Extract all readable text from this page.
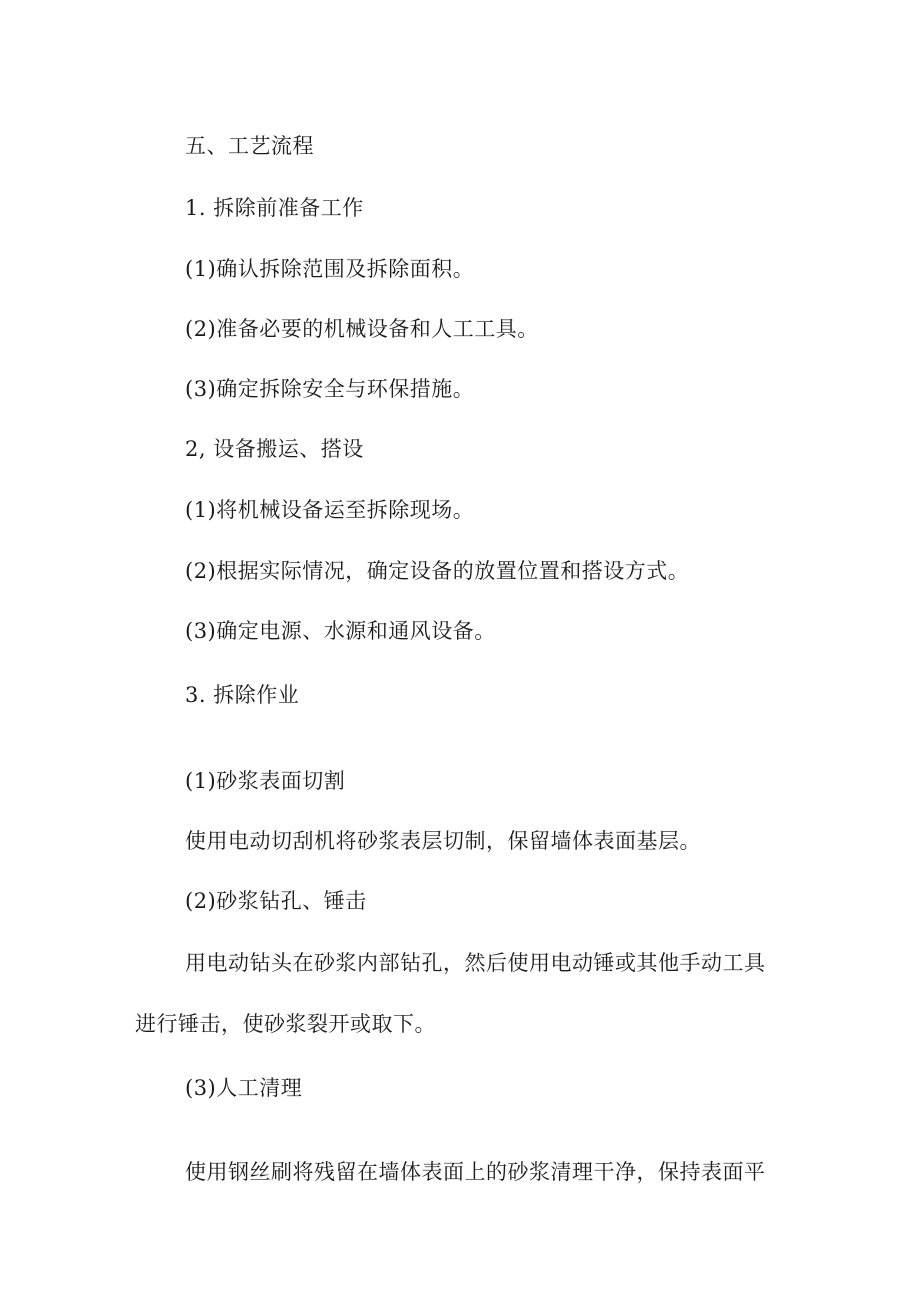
五、工艺流程
1. 拆除前准备工作
(1)确认拆除范围及拆除面积。
(2)准备必要的机械设备和人工工具。
(3)确定拆除安全与环保措施。
2, 设备搬运、搭设
(1)将机械设备运至拆除现场。
(2)根据实际情况，确定设备的放置位置和搭设方式。
(3)确定电源、水源和通风设备。
3. 拆除作业
(1)砂浆表面切割
使用电动切刮机将砂浆表层切制，保留墙体表面基层。
(2)砂浆钻孔、锤击
用电动钻头在砂浆内部钻孔，然后使用电动锤或其他手动工具
进行锤击，使砂浆裂开或取下。
(3)人工清理
使用钢丝刷将残留在墙体表面上的砂浆清理干净，保持表面平
